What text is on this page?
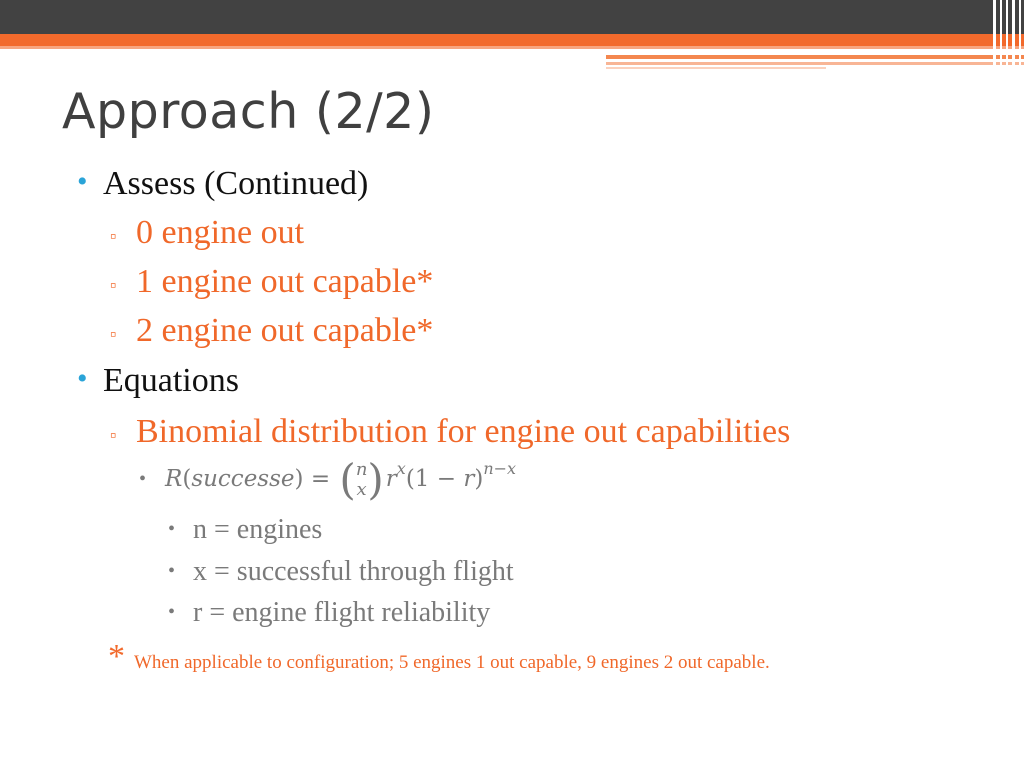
Approach (2/2)
• Assess (Continued)
▫ 0 engine out
▫ 1 engine out capable*
▫ 2 engine out capable*
• Equations
▫ Binomial distribution for engine out capabilities
• R(successe) = ( n
x )$r^x(1 - r)^{n-x}$
• n = engines
• x = successful through flight
• r = engine flight reliability
* When applicable to configuration; 5 engines 1 out capable, 9 engines 2 out capable.
